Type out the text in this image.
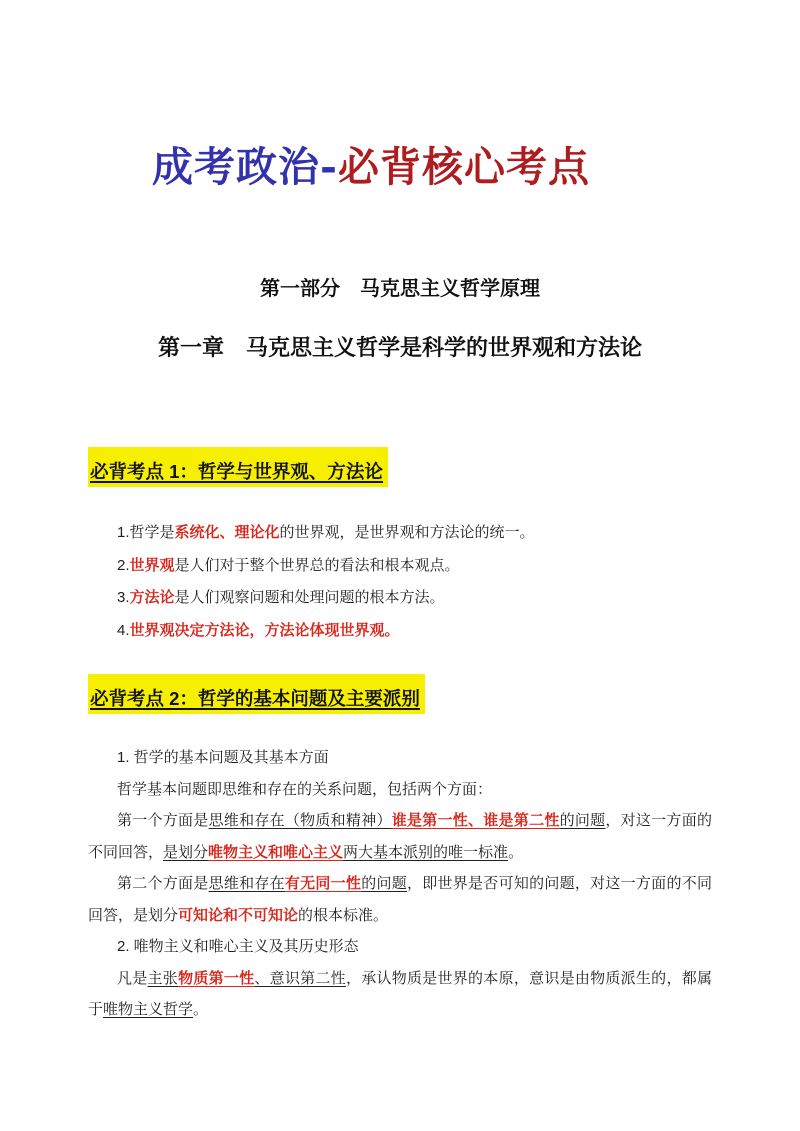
成考政治-必背核心考点
第一部分　马克思主义哲学原理
第一章　马克思主义哲学是科学的世界观和方法论
必背考点 1：哲学与世界观、方法论

1.哲学是系统化、理论化的世界观，是世界观和方法论的统一。

2.世界观是人们对于整个世界总的看法和根本观点。

3.方法论是人们观察问题和处理问题的根本方法。

4.世界观决定方法论，方法论体现世界观。

必背考点 2：哲学的基本问题及主要派别

1. 哲学的基本问题及其基本方面

哲学基本问题即思维和存在的关系问题，包括两个方面：

第一个方面是思维和存在（物质和精神）谁是第一性、谁是第二性的问题，对这一方面的不同回答，是划分唯物主义和唯心主义两大基本派别的唯一标准。

第二个方面是思维和存在有无同一性的问题，即世界是否可知的问题，对这一方面的不同回答，是划分可知论和不可知论的根本标准。

2. 唯物主义和唯心主义及其历史形态

凡是主张物质第一性、意识第二性，承认物质是世界的本原，意识是由物质派生的，都属于唯物主义哲学。
